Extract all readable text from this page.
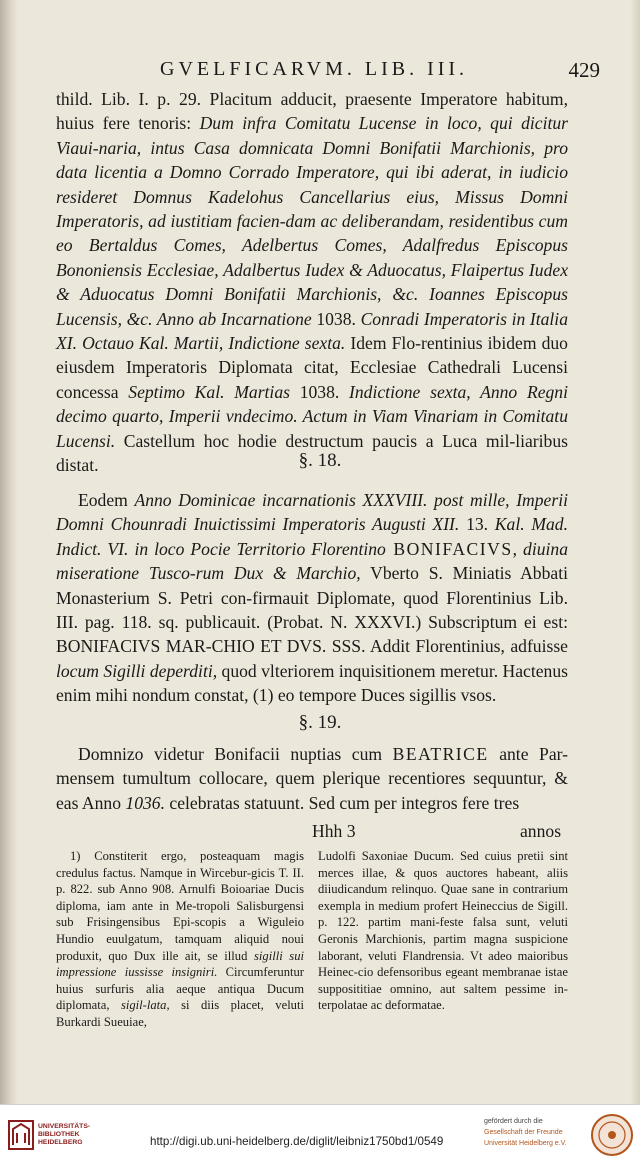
GVELFICARVM. LIB. III.	429
thild. Lib. I. p. 29. Placitum adducit, praesente Imperatore habitum, huius fere tenoris: Dum infra Comitatu Lucense in loco, qui dicitur Viaui-naria, intus Casa domnicata Domni Bonifatii Marchionis, pro data licentia a Domno Corrado Imperatore, qui ibi aderat, in iudicio resideret Domnus Kadelohus Cancellarius eius, Missus Domni Imperatoris, ad iustitiam facien-dam ac deliberandam, residentibus cum eo Bertaldus Comes, Adelbertus Comes, Adalfredus Episcopus Bononiensis Ecclesiae, Adalbertus Iudex & Aduocatus, Flaipertus Iudex & Aduocatus Domni Bonifatii Marchionis, &c. Ioannes Episcopus Lucensis, &c. Anno ab Incarnatione 1038. Conradi Imperatoris in Italia XI. Octauo Kal. Martii, Indictione sexta. Idem Flo-rentinius ibidem duo eiusdem Imperatoris Diplomata citat, Ecclesiae Cathedrali Lucensi concessa Septimo Kal. Martias 1038. Indictione sexta, Anno Regni decimo quarto, Imperii vndecimo. Actum in Viam Vinariam in Comitatu Lucensi. Castellum hoc hodie destructum paucis a Luca mil-liaribus distat.	§. 18.
Eodem Anno Dominicae incarnationis XXXVIII. post mille, Imperii Domni Chounradi Inuictissimi Imperatoris Augusti XII. 13. Kal. Mad. Indict. VI. in loco Pocie Territorio Florentino BONIFACIVS, diuina miseratione Tusco-rum Dux & Marchio, Vberto S. Miniatis Abbati Monasterium S. Petri con-firmauit Diplomate, quod Florentinius Lib. III. pag. 118. sq. publicauit. (Probat. N. XXXVI.) Subscriptum ei est: BONIFACIVS MAR-CHIO ET DVS. SSS. Addit Florentinius, adfuisse locum Sigilli deperditi, quod vlteriorem inquisitionem meretur. Hactenus enim mihi nondum constat, (1) eo tempore Duces sigillis vsos.
§. 19.
Domnizo videtur Bonifacii nuptias cum BEATRICE ante Par-mensem tumultum collocare, quem plerique recentiores sequuntur, & eas Anno 1036. celebratas statuunt. Sed cum per integros fere tres
Hhh 3	annos
1) Constiterit ergo, posteaquam magis credulus factus. Namque in Wircebur-gicis T. II. p. 822. sub Anno 908. Arnulfi Boioariae Ducis diploma, iam ante in Me-tropoli Salisburgensi sub Frisingensibus Epi-scopis a Wiguleio Hundio euulgatum, tamquam aliquid noui produxit, quo Dux ille ait, se illud sigilli sui impressione iussisse insigniri. Circumferuntur huius surfuris alia aeque antiqua Ducum diplomata, sigil-lata, si diis placet, veluti Burkardi Sueuiae,
Ludolfi Saxoniae Ducum. Sed cuius pretii sint merces illae, & quos auctores habeant, aliis diiudicandum relinquo. Quae sane in contrarium exempla in medium profert Heineccius de Sigill. p. 122. partim mani-feste falsa sunt, veluti Geronis Marchionis, partim magna suspicione laborant, veluti Flandrensia. Vt adeo maioribus Heinec-cio defensoribus egeant membranae istae supposititiae omnino, aut saltem pessime in-terpolatae ac deformatae.
UNIVERSITÄTS-
BIBLIOTHEK
HEIDELBERG	http://digi.ub.uni-heidelberg.de/diglit/leibniz1750bd1/0549
gefördert durch die
Gesellschaft der Freunde
Universität Heidelberg e.V.
